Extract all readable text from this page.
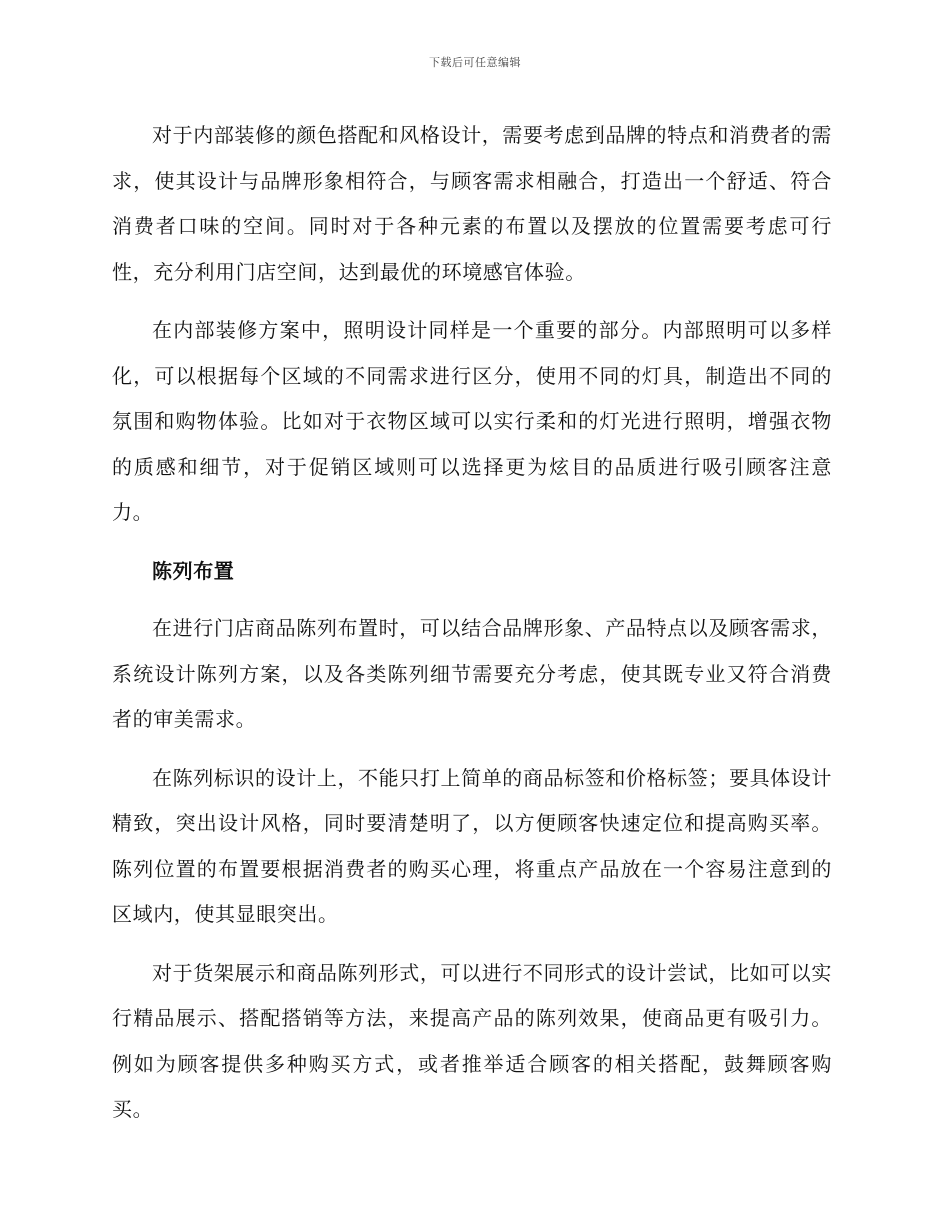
下载后可任意编辑

对于内部装修的颜色搭配和风格设计，需要考虑到品牌的特点和消费者的需求，使其设计与品牌形象相符合，与顾客需求相融合，打造出一个舒适、符合消费者口味的空间。同时对于各种元素的布置以及摆放的位置需要考虑可行性，充分利用门店空间，达到最优的环境感官体验。

在内部装修方案中，照明设计同样是一个重要的部分。内部照明可以多样化，可以根据每个区域的不同需求进行区分，使用不同的灯具，制造出不同的氛围和购物体验。比如对于衣物区域可以实行柔和的灯光进行照明，增强衣物的质感和细节，对于促销区域则可以选择更为炫目的品质进行吸引顾客注意力。

陈列布置

在进行门店商品陈列布置时，可以结合品牌形象、产品特点以及顾客需求，系统设计陈列方案，以及各类陈列细节需要充分考虑，使其既专业又符合消费者的审美需求。

在陈列标识的设计上，不能只打上简单的商品标签和价格标签；要具体设计精致，突出设计风格，同时要清楚明了，以方便顾客快速定位和提高购买率。陈列位置的布置要根据消费者的购买心理，将重点产品放在一个容易注意到的区域内，使其显眼突出。

对于货架展示和商品陈列形式，可以进行不同形式的设计尝试，比如可以实行精品展示、搭配搭销等方法，来提高产品的陈列效果，使商品更有吸引力。例如为顾客提供多种购买方式，或者推举适合顾客的相关搭配，鼓舞顾客购买。
